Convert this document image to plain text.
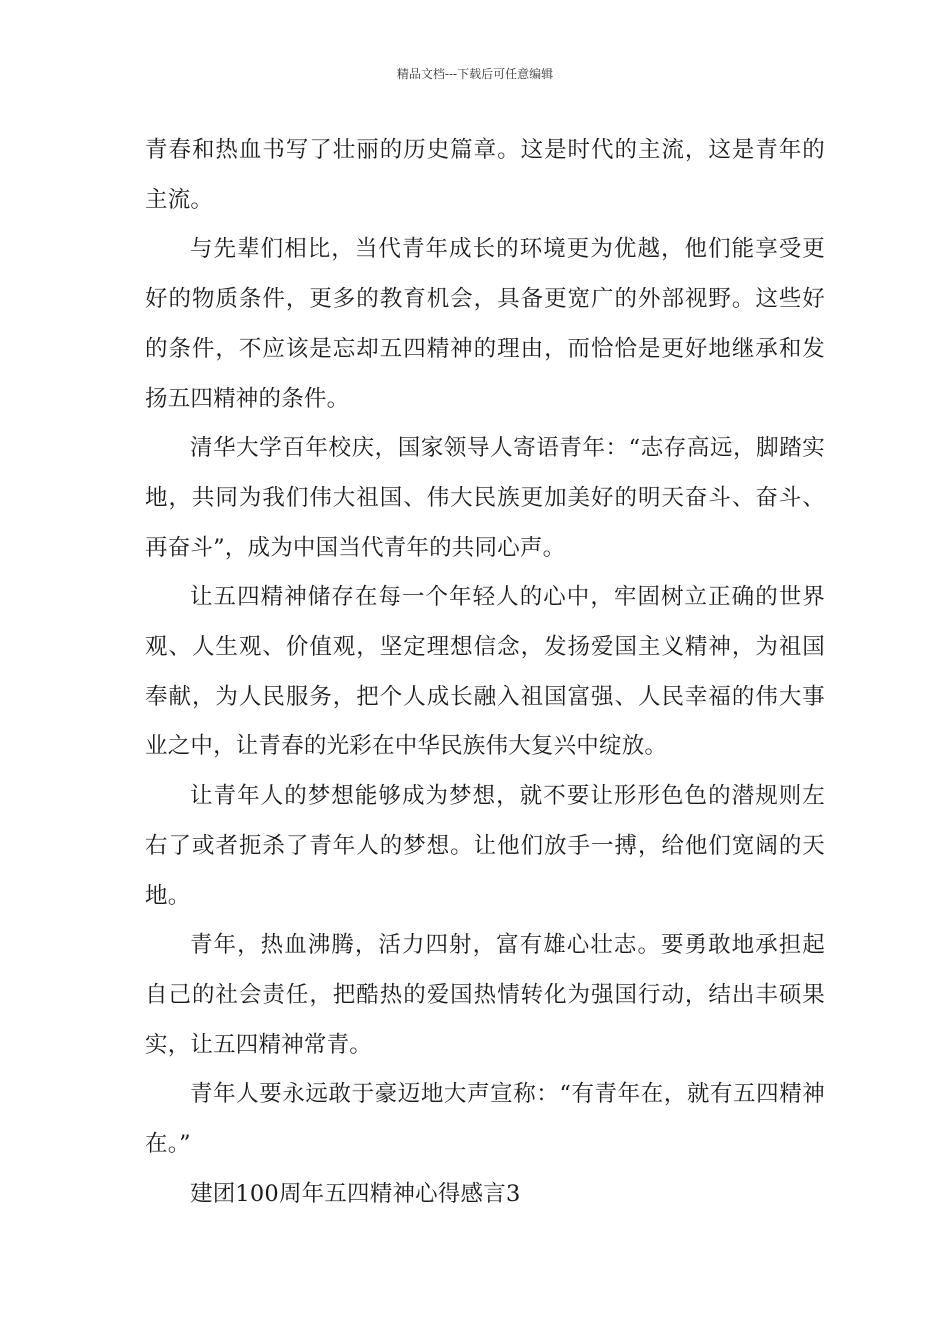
精品文档---下载后可任意编辑

青春和热血书写了壮丽的历史篇章。这是时代的主流，这是青年的主流。

与先辈们相比，当代青年成长的环境更为优越，他们能享受更好的物质条件，更多的教育机会，具备更宽广的外部视野。这些好的条件，不应该是忘却五四精神的理由，而恰恰是更好地继承和发扬五四精神的条件。

清华大学百年校庆，国家领导人寄语青年：“志存高远，脚踏实地，共同为我们伟大祖国、伟大民族更加美好的明天奋斗、奋斗、再奋斗”，成为中国当代青年的共同心声。

让五四精神储存在每一个年轻人的心中，牢固树立正确的世界观、人生观、价值观，坚定理想信念，发扬爱国主义精神，为祖国奉献，为人民服务，把个人成长融入祖国富强、人民幸福的伟大事业之中，让青春的光彩在中华民族伟大复兴中绽放。

让青年人的梦想能够成为梦想，就不要让形形色色的潜规则左右了或者扼杀了青年人的梦想。让他们放手一搏，给他们宽阔的天地。

青年，热血沸腾，活力四射，富有雄心壮志。要勇敢地承担起自己的社会责任，把酷热的爱国热情转化为强国行动，结出丰硕果实，让五四精神常青。

青年人要永远敢于豪迈地大声宣称：“有青年在，就有五四精神在。”

建团100周年五四精神心得感言3
